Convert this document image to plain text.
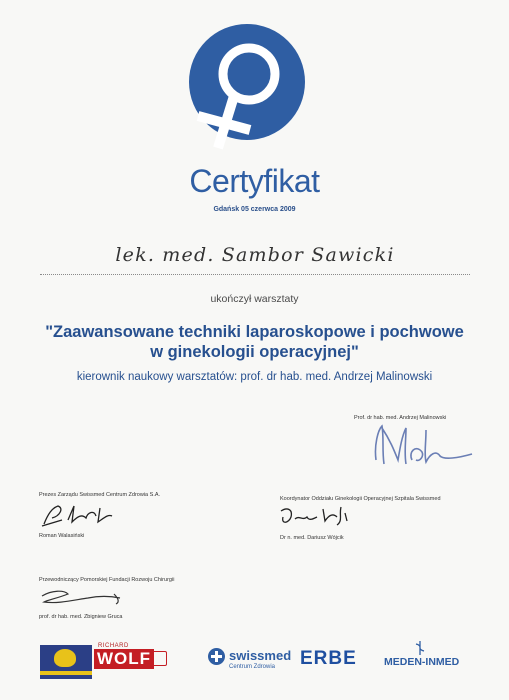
Certyfikat
Gdańsk 05 czerwca 2009
lek. med. Sambor Sawicki
ukończył warsztaty
"Zaawansowane techniki laparoskopowe i pochwowe
w ginekologii operacyjnej"
kierownik naukowy warsztatów: prof. dr hab. med. Andrzej Malinowski
Prof. dr hab. med. Andrzej Malinowski
Prezes Zarządu Swissmed Centrum Zdrowia S.A.
Roman Walasiński
Koordynator Oddziału Ginekologii Operacyjnej Szpitala Swissmed
Dr n. med. Dariusz Wójcik
Przewodniczący Pomorskiej Fundacji Rozwoju Chirurgii
prof. dr hab. med. Zbigniew Gruca
RICHARD
WOLF	swissmed
Centrum Zdrowia ERBE	MEDEN-INMED
